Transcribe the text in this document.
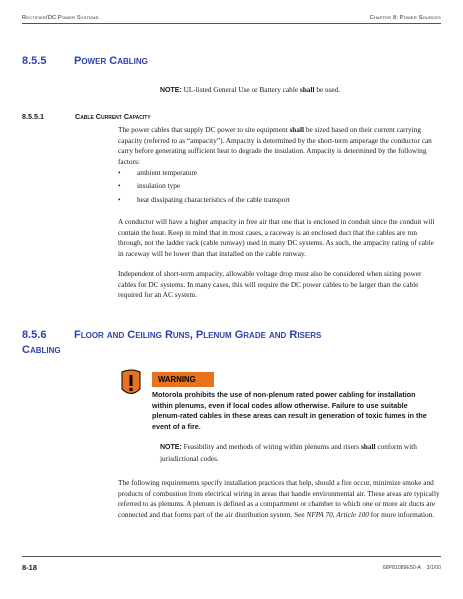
Rectifier/DC Power Systems	Chapter 8: Power Sources
8.5.5	Power Cabling
NOTE: UL-listed General Use or Battery cable shall be used.
8.5.5.1	Cable Current Capacity
The power cables that supply DC power to site equipment shall be sized based on their current carrying capacity (referred to as “ampacity”). Ampacity is determined by the short-term amperage the conductor can carry before generating sufficient heat to degrade the insulation. Ampacity is determined by the following factors:
• ambient temperature
• insulation type
• heat dissipating characteristics of the cable transport
A conductor will have a higher ampacity in free air that one that is enclosed in conduit since the conduit will contain the heat. Keep in mind that in most cases, a raceway is an enclosed duct that the cables are run through, not the ladder rack (cable runway) used in many DC systems. As such, the ampacity rating of cable in raceway will be lower than that installed on the cable runway.
Independent of short-term ampacity, allowable voltage drop must also be considered when sizing power cables for DC systems. In many cases, this will require the DC power cables to be larger than the cable required for an AC system.
8.5.6	Floor and Ceiling Runs, Plenum Grade and Risers
Cabling
WARNING
Motorola prohibits the use of non-plenum rated power cabling for installation within plenums, even if local codes allow otherwise. Failure to use suitable plenum-rated cables in these areas can result in generation of toxic fumes in the event of a fire.
NOTE: Feasibility and methods of wiring within plenums and risers shall conform with jurisdictional codes.
The following requirements specify installation practices that help, should a fire occur, minimize smoke and products of combustion from electrical wiring in areas that handle environmental air. These areas are typically referred to as plenums. A plenum is defined as a compartment or chamber to which one or more air ducts are connected and that forms part of the air distribution system. See NFPA 70, Article 100 for more information.
8-18	68P81089E50-A 3/1/00
